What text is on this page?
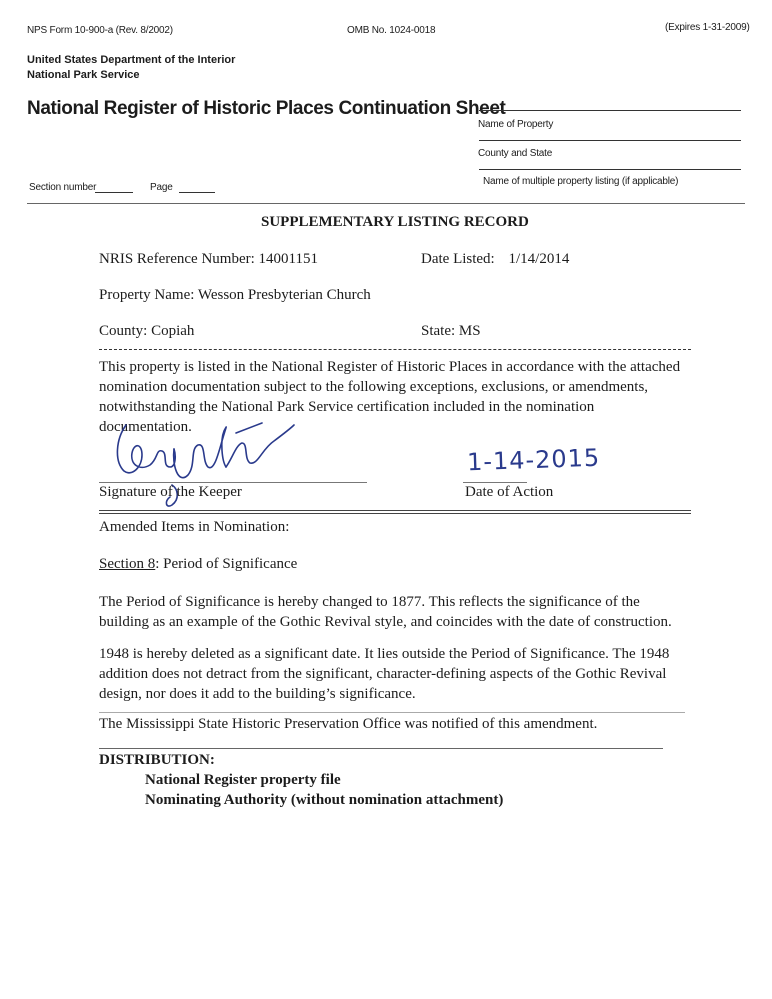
NPS Form 10-900-a (Rev. 8/2002)	OMB No. 1024-0018	(Expires 1-31-2009)
United States Department of the Interior
National Park Service
National Register of Historic Places Continuation Sheet
Name of Property
County and State
Name of multiple property listing (if applicable)
Section number	Page
SUPPLEMENTARY LISTING RECORD
NRIS Reference Number: 14001151	Date Listed: 1/14/2014
Property Name: Wesson Presbyterian Church
County: Copiah	State: MS
This property is listed in the National Register of Historic Places in accordance with the attached
nomination documentation subject to the following exceptions, exclusions, or amendments,
notwithstanding the National Park Service certification included in the nomination
documentation.
Signature of the Keeper
1-14-2015
Date of Action
Amended Items in Nomination:
Section 8: Period of Significance
The Period of Significance is hereby changed to 1877. This reflects the significance of the
building as an example of the Gothic Revival style, and coincides with the date of construction.
1948 is hereby deleted as a significant date. It lies outside the Period of Significance. The 1948
addition does not detract from the significant, character-defining aspects of the Gothic Revival
design, nor does it add to the building’s significance.
The Mississippi State Historic Preservation Office was notified of this amendment.
DISTRIBUTION:
National Register property file
Nominating Authority (without nomination attachment)
